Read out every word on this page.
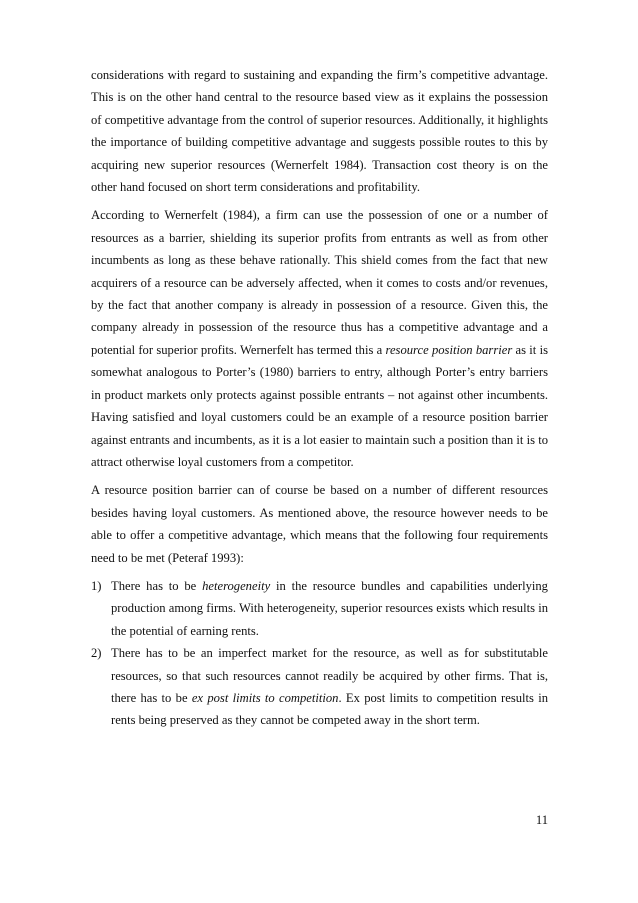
considerations with regard to sustaining and expanding the firm’s competitive advantage. This is on the other hand central to the resource based view as it explains the possession of competitive advantage from the control of superior resources. Additionally, it highlights the importance of building competitive advantage and suggests possible routes to this by acquiring new superior resources (Wernerfelt 1984). Transaction cost theory is on the other hand focused on short term considerations and profitability.

According to Wernerfelt (1984), a firm can use the possession of one or a number of resources as a barrier, shielding its superior profits from entrants as well as from other incumbents as long as these behave rationally. This shield comes from the fact that new acquirers of a resource can be adversely affected, when it comes to costs and/or revenues, by the fact that another company is already in possession of a resource. Given this, the company already in possession of the resource thus has a competitive advantage and a potential for superior profits. Wernerfelt has termed this a resource position barrier as it is somewhat analogous to Porter’s (1980) barriers to entry, although Porter’s entry barriers in product markets only protects against possible entrants – not against other incumbents. Having satisfied and loyal customers could be an example of a resource position barrier against entrants and incumbents, as it is a lot easier to maintain such a position than it is to attract otherwise loyal customers from a competitor.

A resource position barrier can of course be based on a number of different resources besides having loyal customers. As mentioned above, the resource however needs to be able to offer a competitive advantage, which means that the following four requirements need to be met (Peteraf 1993):

1) There has to be heterogeneity in the resource bundles and capabilities underlying production among firms. With heterogeneity, superior resources exists which results in the potential of earning rents.
2) There has to be an imperfect market for the resource, as well as for substitutable resources, so that such resources cannot readily be acquired by other firms. That is, there has to be ex post limits to competition. Ex post limits to competition results in rents being preserved as they cannot be competed away in the short term.
11
